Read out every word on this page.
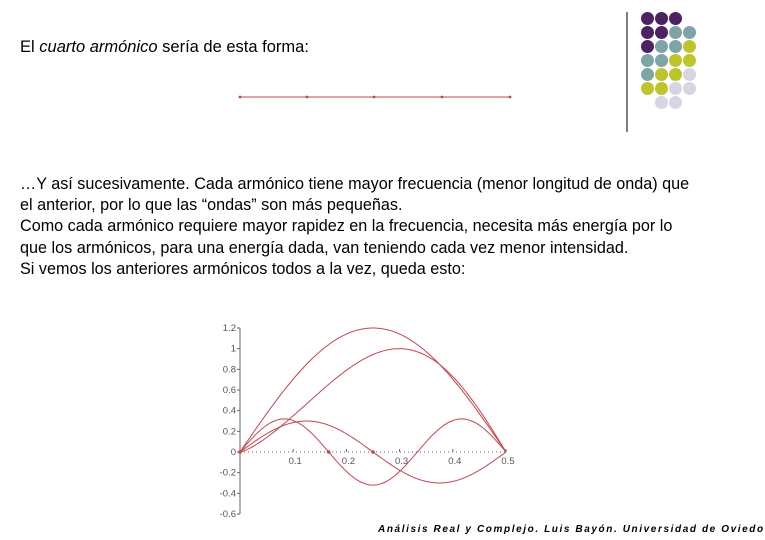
El cuarto armónico sería de esta forma:

…Y así sucesivamente. Cada armónico tiene mayor frecuencia (menor longitud de onda) que el anterior, por lo que las “ondas” son más pequeñas.

Como cada armónico requiere mayor rapidez en la frecuencia, necesita más energía por lo que los armónicos, para una energía dada, van teniendo cada vez menor intensidad.

Si vemos los anteriores armónicos todos a la vez, queda esto:

1.2
1
0.8
0.6
0.4
0.2
0
-0.2
-0.4
-0.6
0.1	0.2	0.3	0.4	0.5
Análisis Real y Complejo. Luis Bayón. Universidad de Oviedo
